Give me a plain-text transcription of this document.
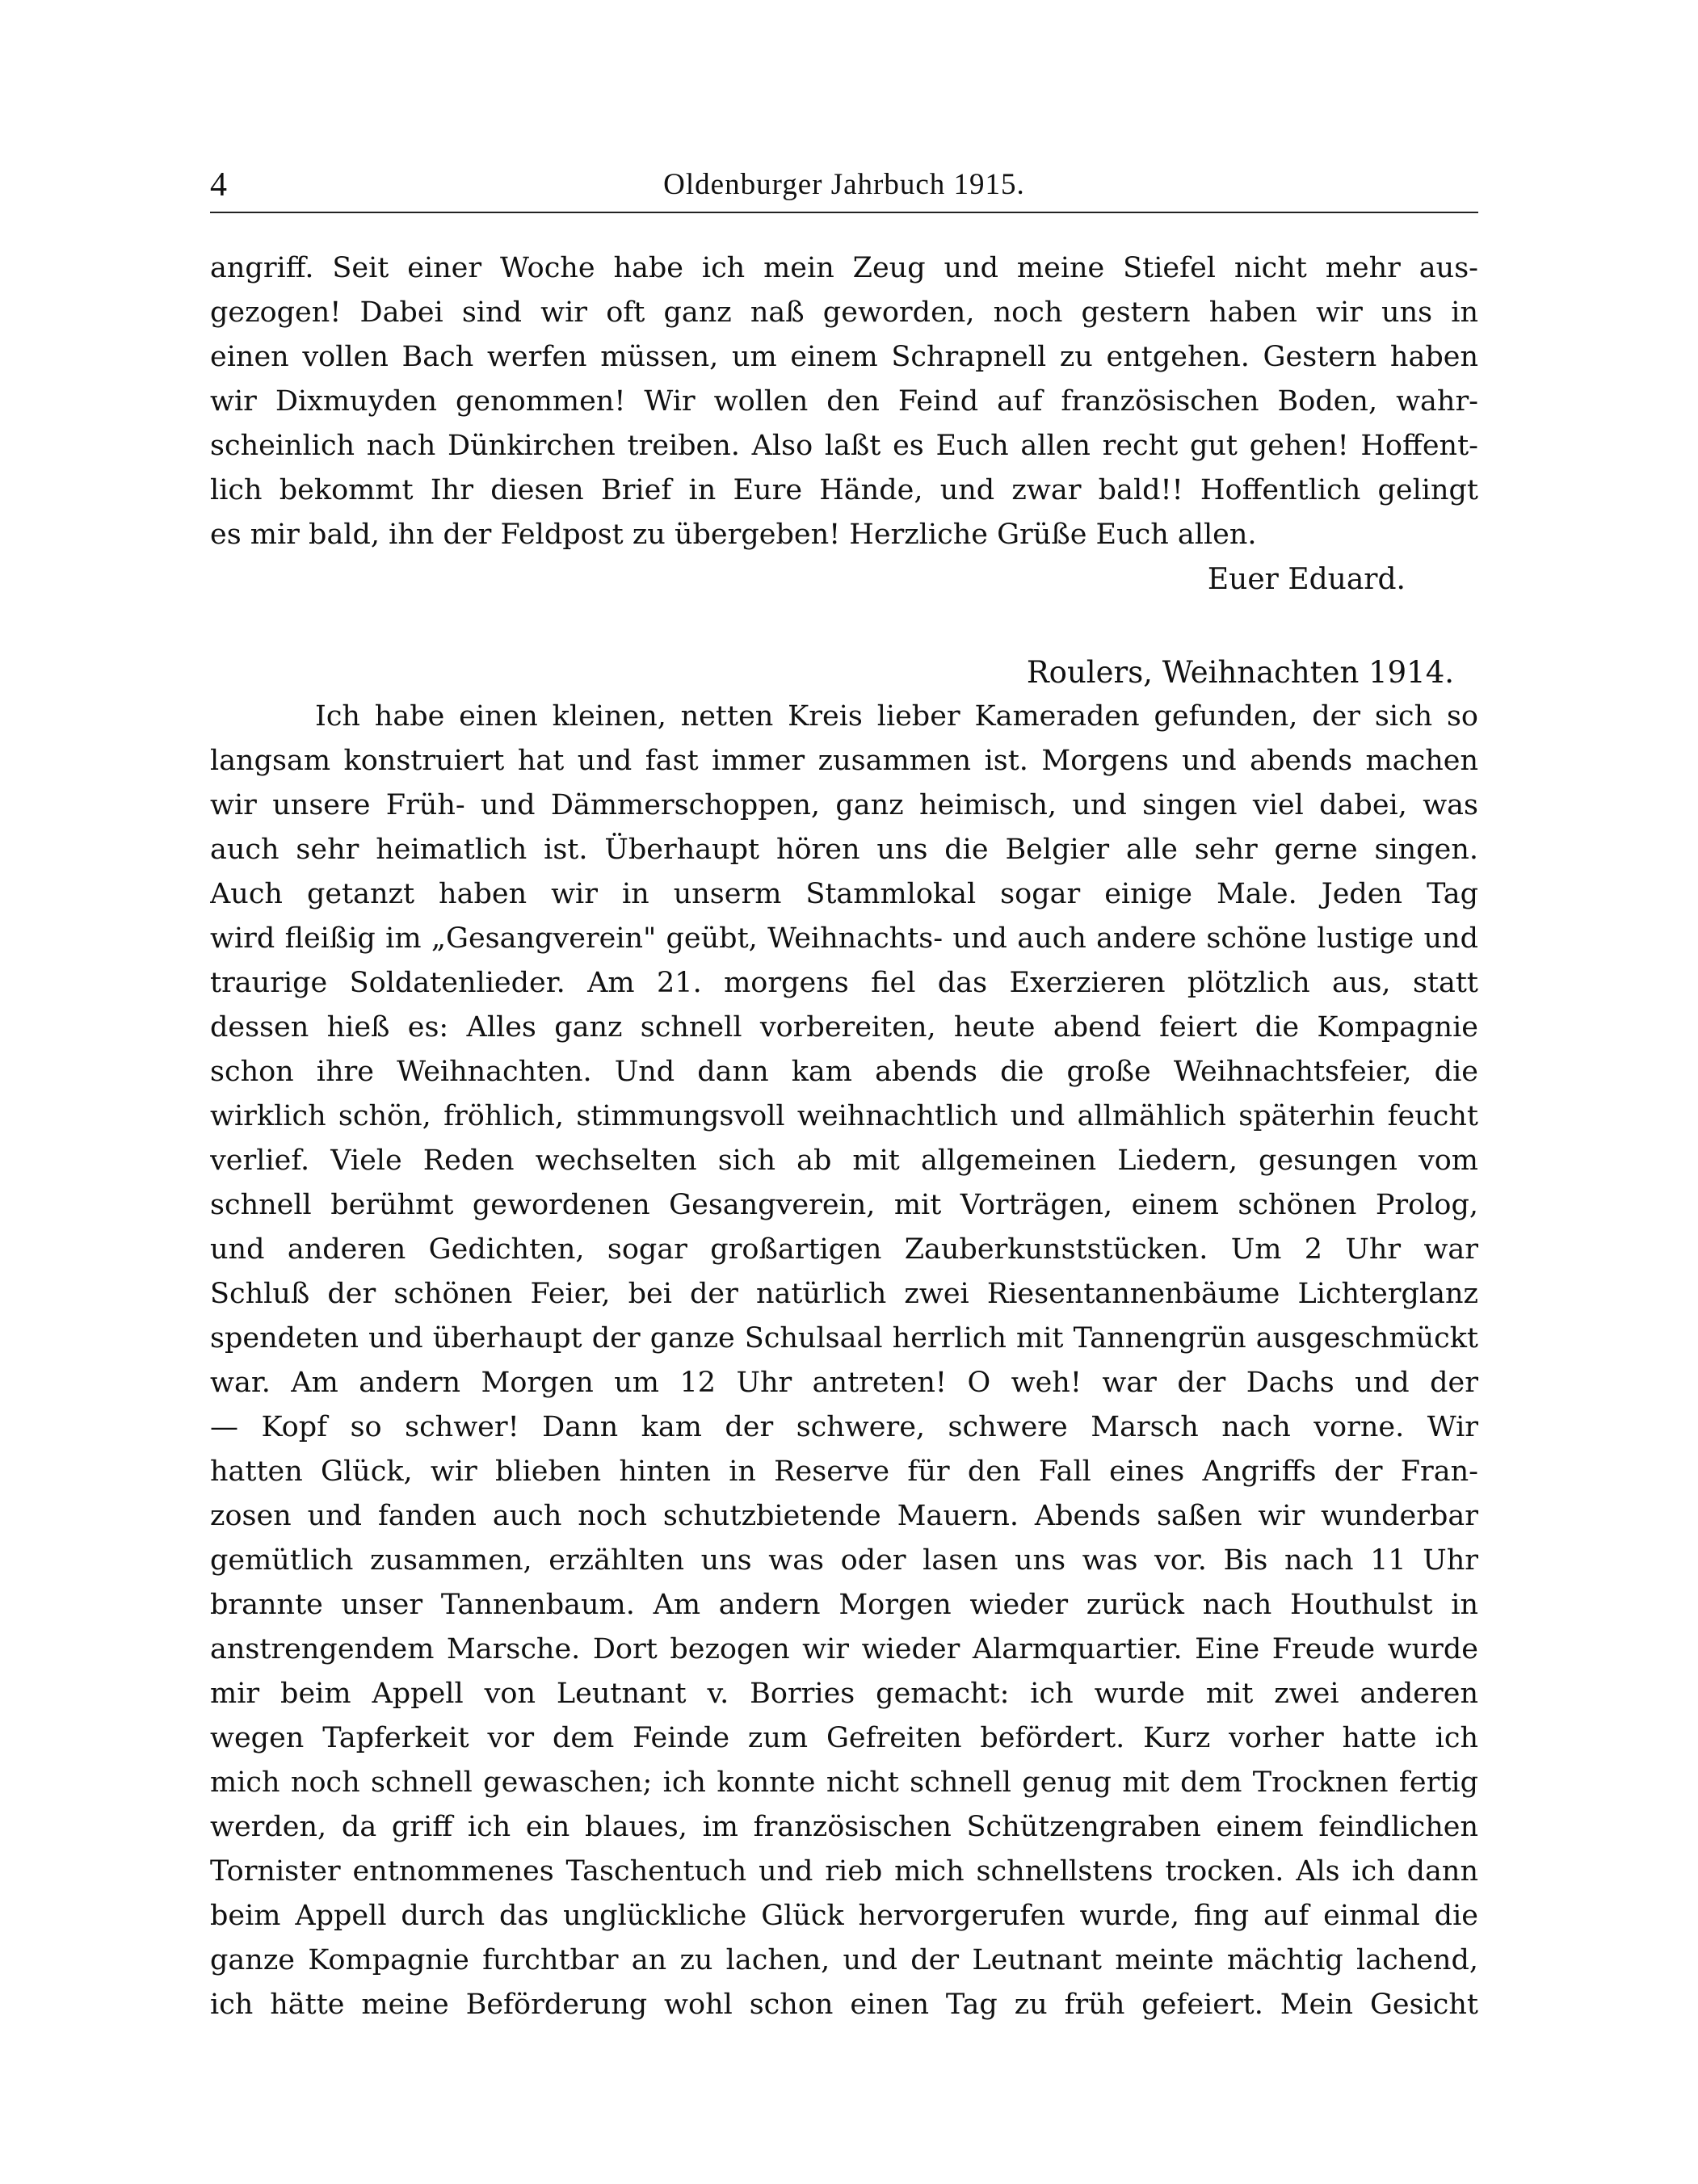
4	Oldenburger Jahrbuch 1915.
angriff. Seit einer Woche habe ich mein Zeug und meine Stiefel nicht mehr aus-
gezogen! Dabei sind wir oft ganz naß geworden, noch gestern haben wir uns in
einen vollen Bach werfen müssen, um einem Schrapnell zu entgehen. Gestern haben
wir Dixmuyden genommen! Wir wollen den Feind auf französischen Boden, wahr-
scheinlich nach Dünkirchen treiben. Also laßt es Euch allen recht gut gehen! Hoffent-
lich bekommt Ihr diesen Brief in Eure Hände, und zwar bald!! Hoffentlich gelingt
es mir bald, ihn der Feldpost zu übergeben! Herzliche Grüße Euch allen.
Euer Eduard.
Roulers, Weihnachten 1914.
Ich habe einen kleinen, netten Kreis lieber Kameraden gefunden, der sich so
langsam konstruiert hat und fast immer zusammen ist. Morgens und abends machen
wir unsere Früh- und Dämmerschoppen, ganz heimisch, und singen viel dabei, was
auch sehr heimatlich ist. Überhaupt hören uns die Belgier alle sehr gerne singen.
Auch getanzt haben wir in unserm Stammlokal sogar einige Male. Jeden Tag
wird fleißig im „Gesangverein" geübt, Weihnachts- und auch andere schöne lustige und
traurige Soldatenlieder. Am 21. morgens fiel das Exerzieren plötzlich aus, statt
dessen hieß es: Alles ganz schnell vorbereiten, heute abend feiert die Kompagnie
schon ihre Weihnachten. Und dann kam abends die große Weihnachtsfeier, die
wirklich schön, fröhlich, stimmungsvoll weihnachtlich und allmählich späterhin feucht
verlief. Viele Reden wechselten sich ab mit allgemeinen Liedern, gesungen vom
schnell berühmt gewordenen Gesangverein, mit Vorträgen, einem schönen Prolog,
und anderen Gedichten, sogar großartigen Zauberkunststücken. Um 2 Uhr war
Schluß der schönen Feier, bei der natürlich zwei Riesentannenbäume Lichterglanz
spendeten und überhaupt der ganze Schulsaal herrlich mit Tannengrün ausgeschmückt
war. Am andern Morgen um 12 Uhr antreten! O weh! war der Dachs und der
— Kopf so schwer! Dann kam der schwere, schwere Marsch nach vorne. Wir
hatten Glück, wir blieben hinten in Reserve für den Fall eines Angriffs der Fran-
zosen und fanden auch noch schutzbietende Mauern. Abends saßen wir wunderbar
gemütlich zusammen, erzählten uns was oder lasen uns was vor. Bis nach 11 Uhr
brannte unser Tannenbaum. Am andern Morgen wieder zurück nach Houthulst in
anstrengendem Marsche. Dort bezogen wir wieder Alarmquartier. Eine Freude wurde
mir beim Appell von Leutnant v. Borries gemacht: ich wurde mit zwei anderen
wegen Tapferkeit vor dem Feinde zum Gefreiten befördert. Kurz vorher hatte ich
mich noch schnell gewaschen; ich konnte nicht schnell genug mit dem Trocknen fertig
werden, da griff ich ein blaues, im französischen Schützengraben einem feindlichen
Tornister entnommenes Taschentuch und rieb mich schnellstens trocken. Als ich dann
beim Appell durch das unglückliche Glück hervorgerufen wurde, fing auf einmal die
ganze Kompagnie furchtbar an zu lachen, und der Leutnant meinte mächtig lachend,
ich hätte meine Beförderung wohl schon einen Tag zu früh gefeiert. Mein Gesicht
